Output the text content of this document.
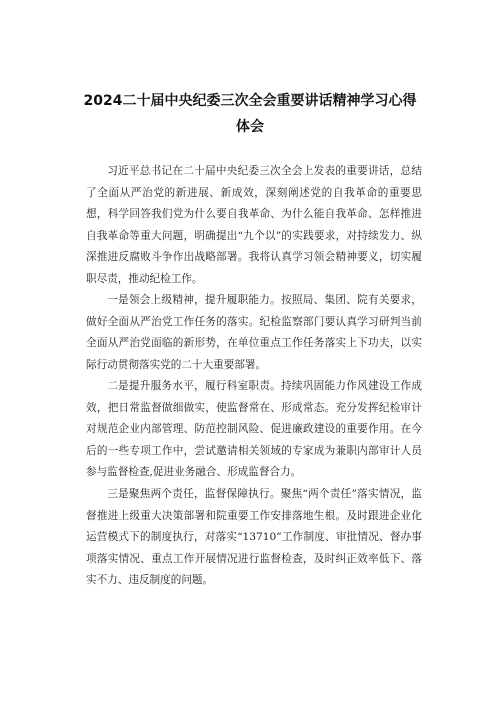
2024二十届中央纪委三次全会重要讲话精神学习心得
体会

习近平总书记在二十届中央纪委三次全会上发表的重要讲话，总结了全面从严治党的新进展、新成效，深刻阐述党的自我革命的重要思想，科学回答我们党为什么要自我革命、为什么能自我革命、怎样推进自我革命等重大问题，明确提出“九个以”的实践要求，对持续发力、纵深推进反腐败斗争作出战略部署。我将认真学习领会精神要义，切实履职尽责，推动纪检工作。

一是领会上级精神，提升履职能力。按照局、集团、院有关要求，做好全面从严治党工作任务的落实。纪检监察部门要认真学习研判当前全面从严治党面临的新形势，在单位重点工作任务落实上下功夫，以实际行动贯彻落实党的二十大重要部署。

二是提升服务水平，履行科室职责。持续巩固能力作风建设工作成效，把日常监督做细做实，使监督常在、形成常态。充分发挥纪检审计对规范企业内部管理、防范控制风险、促进廉政建设的重要作用。在今后的一些专项工作中，尝试邀请相关领域的专家成为兼职内部审计人员参与监督检查,促进业务融合、形成监督合力。

三是聚焦两个责任，监督保障执行。聚焦“两个责任”落实情况，监督推进上级重大决策部署和院重要工作安排落地生根。及时跟进企业化运营模式下的制度执行，对落实“13710”工作制度、审批情况、督办事项落实情况、重点工作开展情况进行监督检查，及时纠正效率低下、落实不力、违反制度的问题。
